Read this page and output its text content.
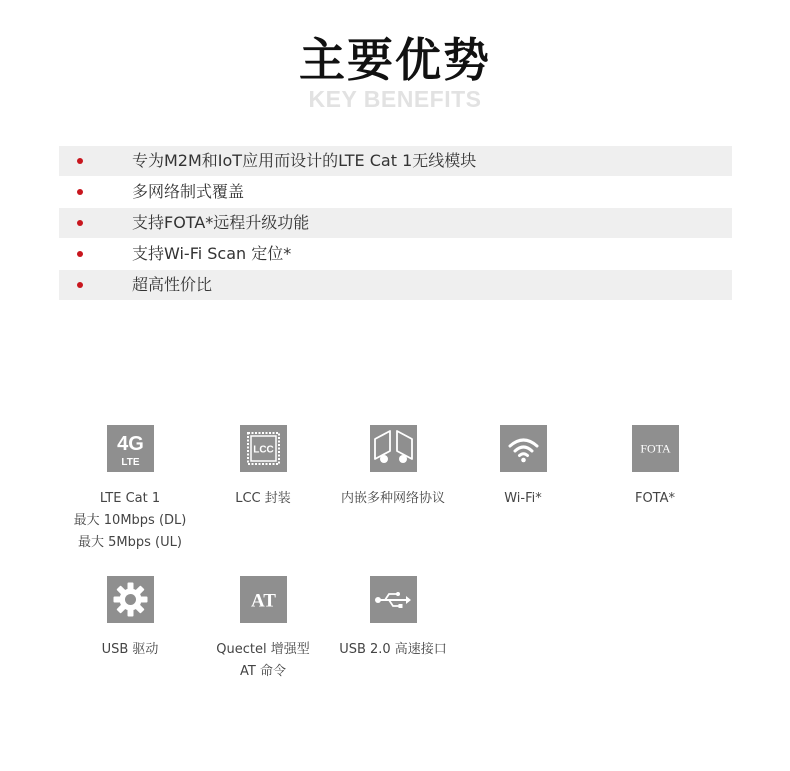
主要优势
KEY BENEFITS
专为M2M和IoT应用而设计的LTE Cat 1无线模块
多网络制式覆盖
支持FOTA*远程升级功能
支持Wi-Fi Scan 定位*
超高性价比
4G
LTE
LTE Cat 1
最大 10Mbps (DL)
最大 5Mbps (UL)
LCC
LCC 封装	内嵌多种网络协议	Wi-Fi*
FOTA
FOTA*
USB 驱动
AT
Quectel 增强型
AT 命令
USB 2.0 高速接口
